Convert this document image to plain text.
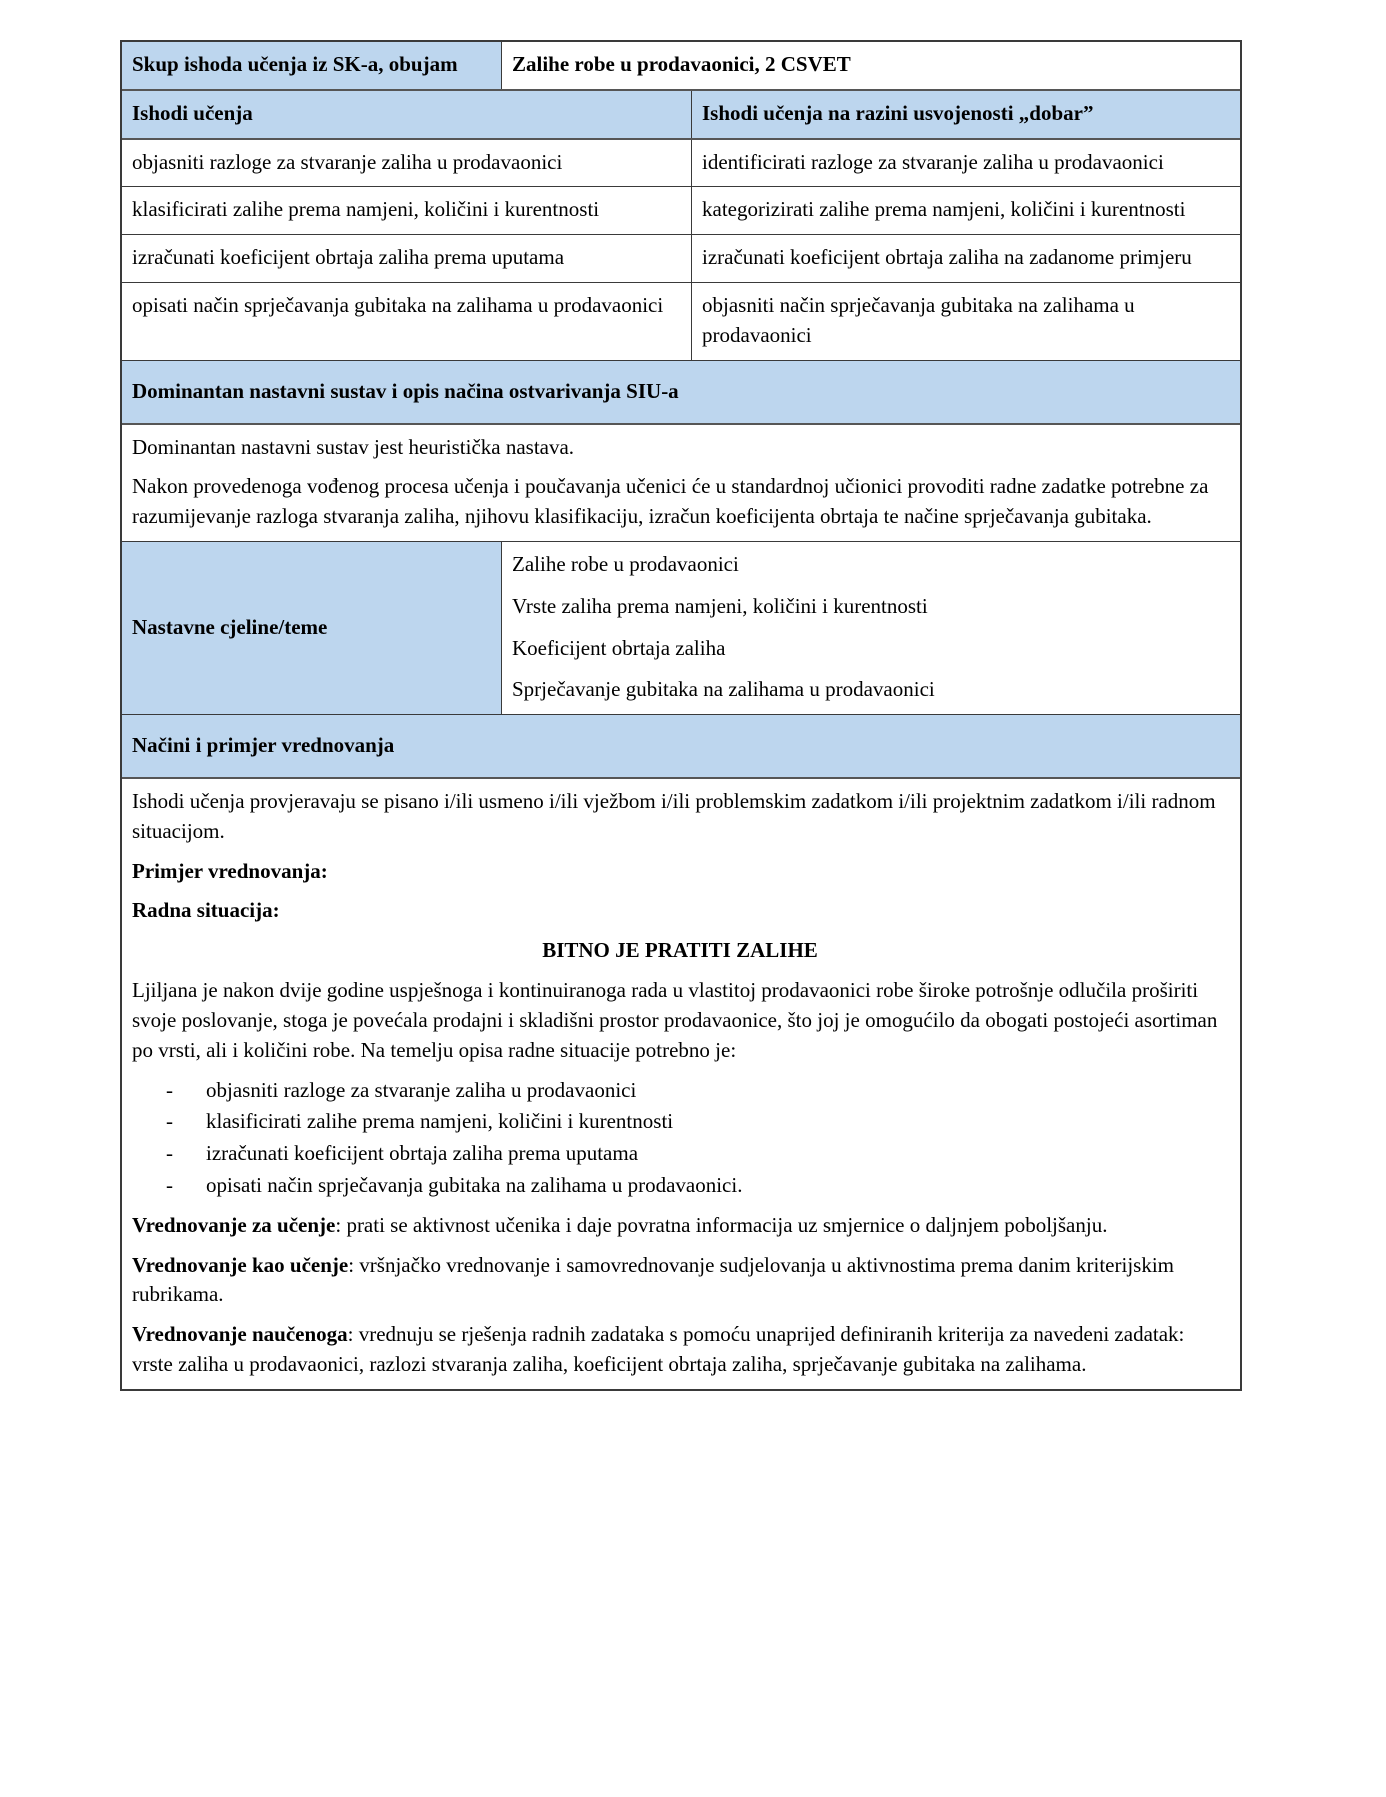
Skup ishoda učenja iz SK-a, obujam	Zalihe robe u prodavaonici, 2 CSVET
Ishodi učenja	Ishodi učenja na razini usvojenosti „dobar”
objasniti razloge za stvaranje zaliha u prodavaonici	identificirati razloge za stvaranje zaliha u prodavaonici
klasificirati zalihe prema namjeni, količini i kurentnosti	kategorizirati zalihe prema namjeni, količini i kurentnosti
izračunati koeficijent obrtaja zaliha prema uputama	izračunati koeficijent obrtaja zaliha na zadanome primjeru
opisati način sprječavanja gubitaka na zalihama u prodavaonici	objasniti način sprječavanja gubitaka na zalihama u prodavaonici
Dominantan nastavni sustav i opis načina ostvarivanja SIU-a

Dominantan nastavni sustav jest heuristička nastava.

Nakon provedenoga vođenog procesa učenja i poučavanja učenici će u standardnoj učionici provoditi radne zadatke potrebne za razumijevanje razloga stvaranja zaliha, njihovu klasifikaciju, izračun koeficijenta obrtaja te načine sprječavanja gubitaka.

Nastavne cjeline/teme

Zalihe robe u prodavaonici

Vrste zaliha prema namjeni, količini i kurentnosti

Koeficijent obrtaja zaliha

Sprječavanje gubitaka na zalihama u prodavaonici

Načini i primjer vrednovanja

Ishodi učenja provjeravaju se pisano i/ili usmeno i/ili vježbom i/ili problemskim zadatkom i/ili projektnim zadatkom i/ili radnom situacijom.

Primjer vrednovanja:

Radna situacija:

BITNO JE PRATITI ZALIHE

Ljiljana je nakon dvije godine uspješnoga i kontinuiranoga rada u vlastitoj prodavaonici robe široke potrošnje odlučila proširiti svoje poslovanje, stoga je povećala prodajni i skladišni prostor prodavaonice, što joj je omogućilo da obogati postojeći asortiman po vrsti, ali i količini robe. Na temelju opisa radne situacije potrebno je:

-	objasniti razloge za stvaranje zaliha u prodavaonici
-	klasificirati zalihe prema namjeni, količini i kurentnosti
-	izračunati koeficijent obrtaja zaliha prema uputama
-	opisati način sprječavanja gubitaka na zalihama u prodavaonici.

Vrednovanje za učenje: prati se aktivnost učenika i daje povratna informacija uz smjernice o daljnjem poboljšanju.

Vrednovanje kao učenje: vršnjačko vrednovanje i samovrednovanje sudjelovanja u aktivnostima prema danim kriterijskim rubrikama.

Vrednovanje naučenoga: vrednuju se rješenja radnih zadataka s pomoću unaprijed definiranih kriterija za navedeni zadatak: vrste zaliha u prodavaonici, razlozi stvaranja zaliha, koeficijent obrtaja zaliha, sprječavanje gubitaka na zalihama.
